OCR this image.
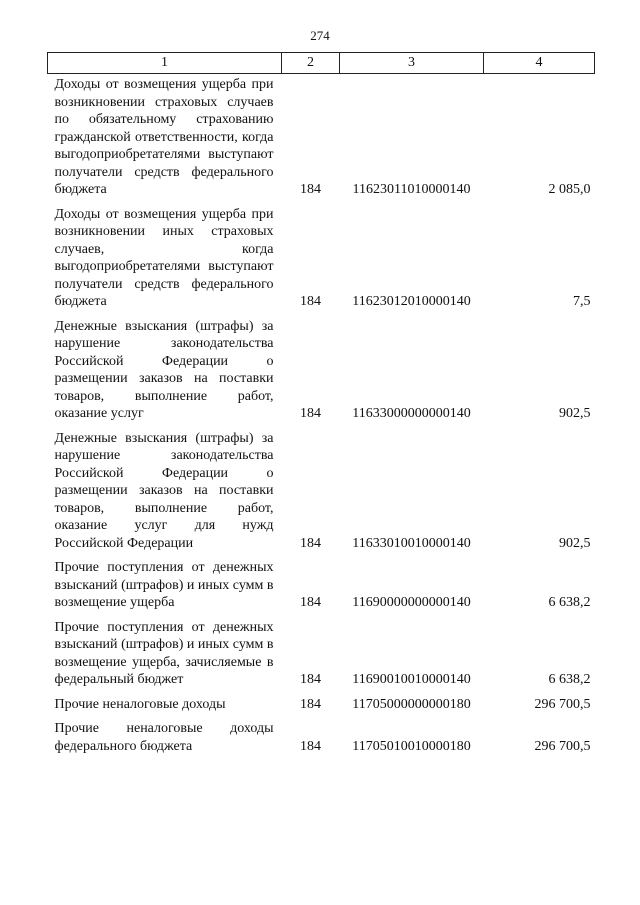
274
1	2	3	4
Доходы от возмещения ущерба при возникновении страховых случаев по обязательному страхованию гражданской ответственности, когда выгодоприобретателями выступают получатели средств федерального бюджета	184	11623011010000140	2 085,0
Доходы от возмещения ущерба при возникновении иных страховых случаев, когда выгодоприобретателями выступают получатели средств федерального бюджета	184	11623012010000140	7,5
Денежные взыскания (штрафы) за нарушение законодательства Российской Федерации о размещении заказов на поставки товаров, выполнение работ, оказание услуг	184	11633000000000140	902,5
Денежные взыскания (штрафы) за нарушение законодательства Российской Федерации о размещении заказов на поставки товаров, выполнение работ, оказание услуг для нужд Российской Федерации	184	11633010010000140	902,5
Прочие поступления от денежных взысканий (штрафов) и иных сумм в возмещение ущерба	184	11690000000000140	6 638,2
Прочие поступления от денежных взысканий (штрафов) и иных сумм в возмещение ущерба, зачисляемые в федеральный бюджет	184	11690010010000140	6 638,2
Прочие неналоговые доходы	184	11705000000000180	296 700,5
Прочие неналоговые доходы федерального бюджета	184	11705010010000180	296 700,5
